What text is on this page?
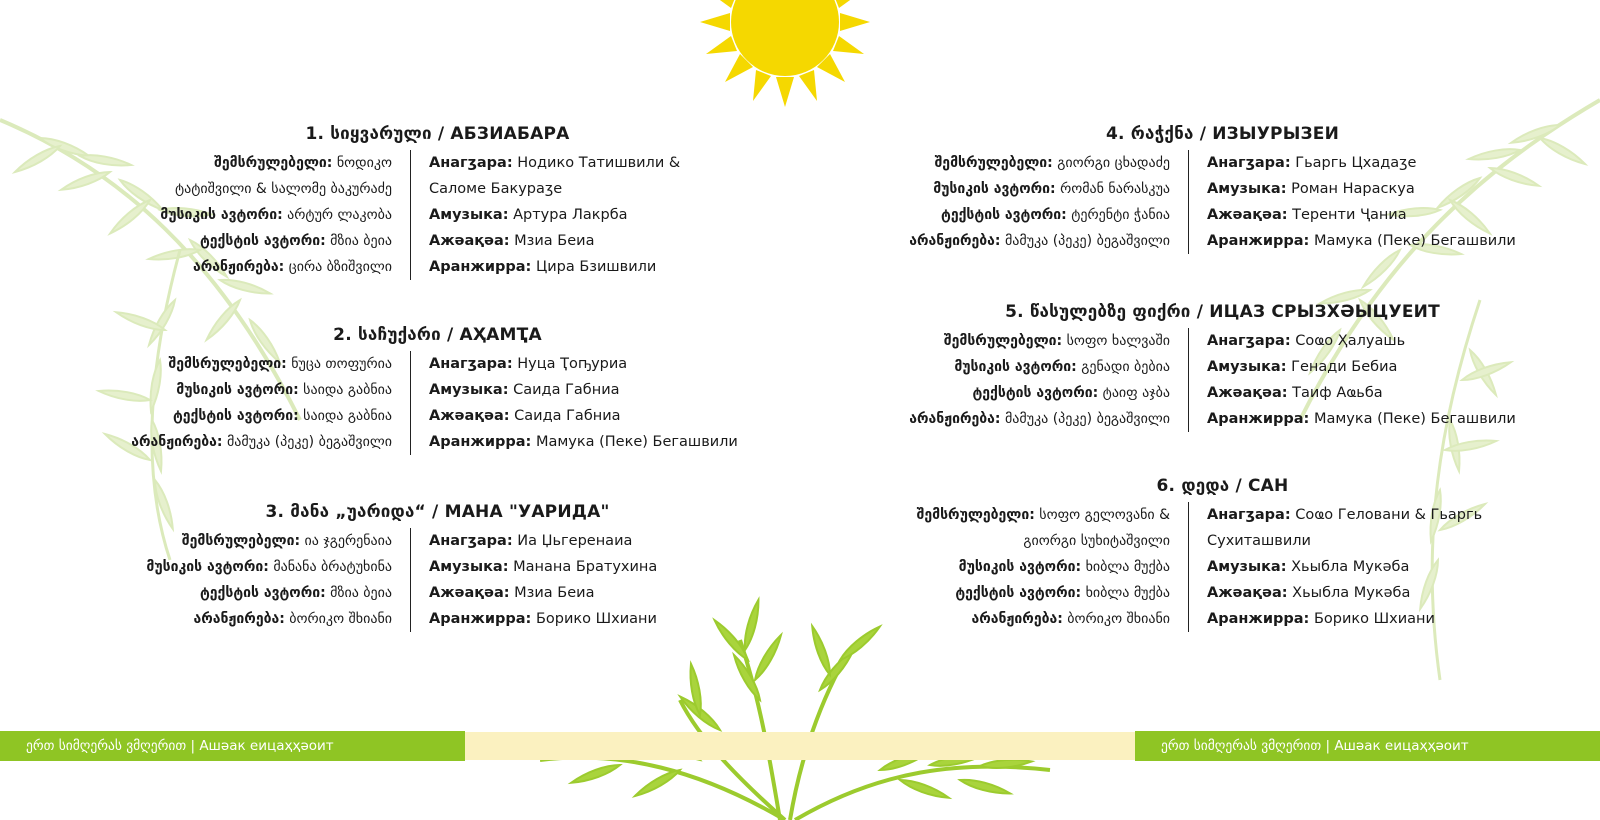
ერთ სიმღერას ვმღერით | Ашәак еицаҳҳәоит	ერთ სიმღერას ვმღერით | Ашәак еицаҳҳәоит
1. სიყვარული / АБЗИАБАРА
შემსრულებელი: ნოდიკო
ტატიშვილი & სალომე ბაკურაძე
მუსიკის ავტორი: არტურ ლაკობა
ტექსტის ავტორი: მზია ბეია
არანჟირება: ცირა ბზიშვილი
Анагӡара: Нодико Татишвили &
Саломе Бакураӡе
Амузыка: Артура Лакрба
Ажәақәа: Мзиа Беиа
Аранжирра: Цира Бзишвили
2. საჩუქარი / АҲАМҬА
შემსრულებელი: ნუცა თოფურია
მუსიკის ავტორი: საიდა გაბნია
ტექსტის ავტორი: საიდა გაბნია
არანჟირება: მამუკა (პეკე) ბეგაშვილი
Анагӡара: Нуца Ҭоҧуриа
Амузыка: Саида Габниа
Ажәақәа: Саида Габниа
Аранжирра: Мамука (Пеке) Бегашвили
3. მანა „უარიდა“ / МАНА "УАРИДА"
შემსრულებელი: ია ჯგერენაია
მუსიკის ავტორი: მანანა ბრატუხინა
ტექსტის ავტორი: მზია ბეია
არანჟირება: ბორიკო შხიანი
Анагӡара: Иа Џьгеренаиа
Амузыка: Манана Братухина
Ажәақәа: Мзиа Беиа
Аранжирра: Борико Шхиани
4. რაჭქნა / ИЗЫУРЫЗЕИ
შემსრულებელი: გიორგი ცხადაძე
მუსიკის ავტორი: რომან ნარასკუა
ტექსტის ავტორი: ტერენტი ჭანია
არანჟირება: მამუკა (პეკე) ბეგაშვილი
Анагӡара: Гьаргь Цхадаӡе
Амузыка: Роман Нараскуа
Ажәақәа: Теренти Ҷаниа
Аранжирра: Мамука (Пеке) Бегашвили
5. წასულებზე ფიქრი / ИЦАЗ СРЫЗХӘЫЦУЕИТ
შემსრულებელი: სოფო ხალვაში
მუსიკის ავტორი: გენადი ბებია
ტექსტის ავტორი: ტაიფ აჯბა
არანჟირება: მამუკა (პეკე) ბეგაშვილი
Анагӡара: Соҩо Ҳалуашь
Амузыка: Генади Бебиа
Ажәақәа: Таиф Аҩьба
Аранжирра: Мамука (Пеке) Бегашвили
6. დედა / САН
შემსრულებელი: სოფო გელოვანი &
გიორგი სუხიტაშვილი
მუსიკის ავტორი: ხიბლა მუქბა
ტექსტის ავტორი: ხიბლა მუქბა
არანჟირება: ბორიკო შხიანი
Анагӡара: Соҩо Геловани & Гьаргь
Сухиташвили
Амузыка: Хьыбла Мукәба
Ажәақәа: Хьыбла Мукәба
Аранжирра: Борико Шхиани
